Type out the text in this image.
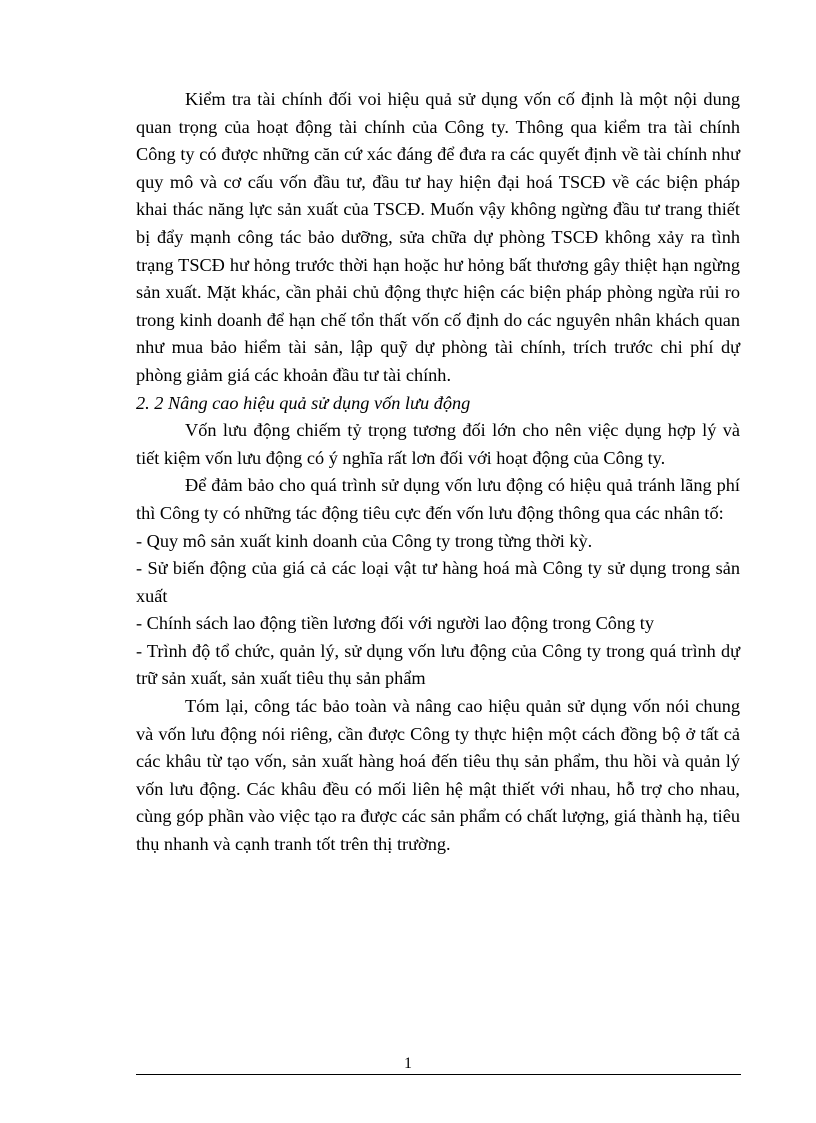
Kiểm tra tài chính đối voi hiệu quả sử dụng vốn cố định là một nội dung quan trọng của hoạt động tài chính của Công ty. Thông qua kiểm tra tài chính Công ty có được những căn cứ xác đáng để đưa ra các quyết định về tài chính như quy mô và cơ cấu vốn đầu tư, đầu tư hay hiện đại hoá TSCĐ về các biện pháp khai thác năng lực sản xuất của TSCĐ. Muốn vậy không ngừng đầu tư trang thiết bị đẩy mạnh công tác bảo dưỡng, sửa chữa dự phòng TSCĐ không xảy ra tình trạng TSCĐ hư hỏng trước thời hạn hoặc hư hỏng bất thương gây thiệt hạn ngừng sản xuất. Mặt khác, cần phải chủ động thực hiện các biện pháp phòng ngừa rủi ro trong kinh doanh để hạn chế tổn thất vốn cố định do các nguyên nhân khách quan như mua bảo hiểm tài sản, lập quỹ dự phòng tài chính, trích trước chi phí dự phòng giảm giá các khoản đầu tư tài chính.

2. 2 Nâng cao hiệu quả sử dụng vốn lưu động

Vốn lưu động chiếm tỷ trọng tương đối lớn cho nên việc dụng hợp lý và tiết kiệm vốn lưu động có ý nghĩa rất lơn đối với hoạt động của Công ty.

Để đảm bảo cho quá trình sử dụng vốn lưu động có hiệu quả tránh lãng phí thì Công ty có những tác động tiêu cực đến vốn lưu động thông qua các nhân tố:

- Quy mô sản xuất kinh doanh của Công ty trong từng thời kỳ.

- Sử biến động của giá cả các loại vật tư hàng hoá mà Công ty sử dụng trong sản xuất

- Chính sách lao động tiền lương đối với người lao động trong Công ty

- Trình độ tổ chức, quản lý, sử dụng vốn lưu động của Công ty trong quá trình dự trữ sản xuất, sản xuất tiêu thụ sản phẩm

Tóm lại, công tác bảo toàn và nâng cao hiệu quản sử dụng vốn nói chung và vốn lưu động nói riêng, cần được Công ty thực hiện một cách đồng bộ ở tất cả các khâu từ tạo vốn, sản xuất hàng hoá đến tiêu thụ sản phẩm, thu hồi và quản lý vốn lưu động. Các khâu đều có mối liên hệ mật thiết với nhau, hỗ trợ cho nhau, cùng góp phần vào việc tạo ra được các sản phẩm có chất lượng, giá thành hạ, tiêu thụ nhanh và cạnh tranh tốt trên thị trường.

1
